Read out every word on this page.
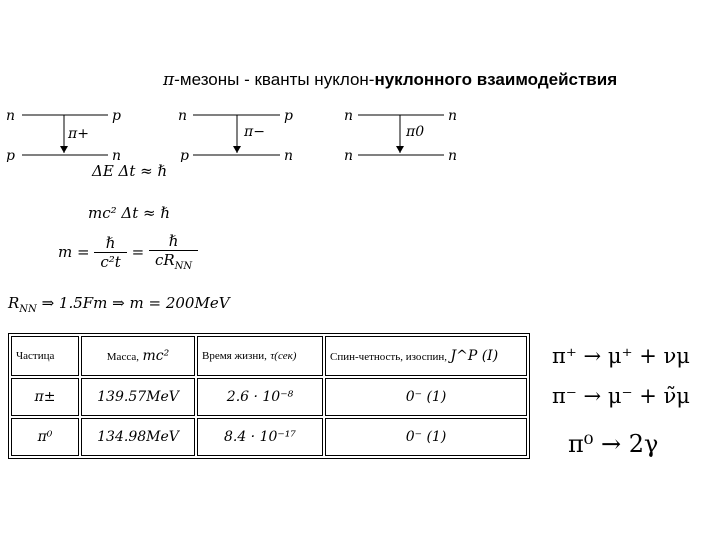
π-мезоны - кванты нуклон-нуклонного взаимодействия
n	p
p	n
π+
n	p
p	n
π−
n	n
n	n
π0
ΔE Δt ≈ ℏ
mc² Δt ≈ ℏ
$m = \frac{\text{ℏ}}{\text{c²t}} = \frac{\text{ℏ}}{cR_{NN}}$
$R_{NN}$ ⇒ 1.5Fm ⇒ m = 200MeV
Частица	Масса, mc²	Время жизни, τ(сек)	Спин-четность, изоспин, J^P (I)
π±	139.57MeV	2.6 · 10⁻⁸	0⁻ (1)
π⁰	134.98MeV	8.4 · 10⁻¹⁷	0⁻ (1)
π⁺ → μ⁺ + νμ
π⁻ → μ⁻ + ν̃μ
π⁰ → 2γ
